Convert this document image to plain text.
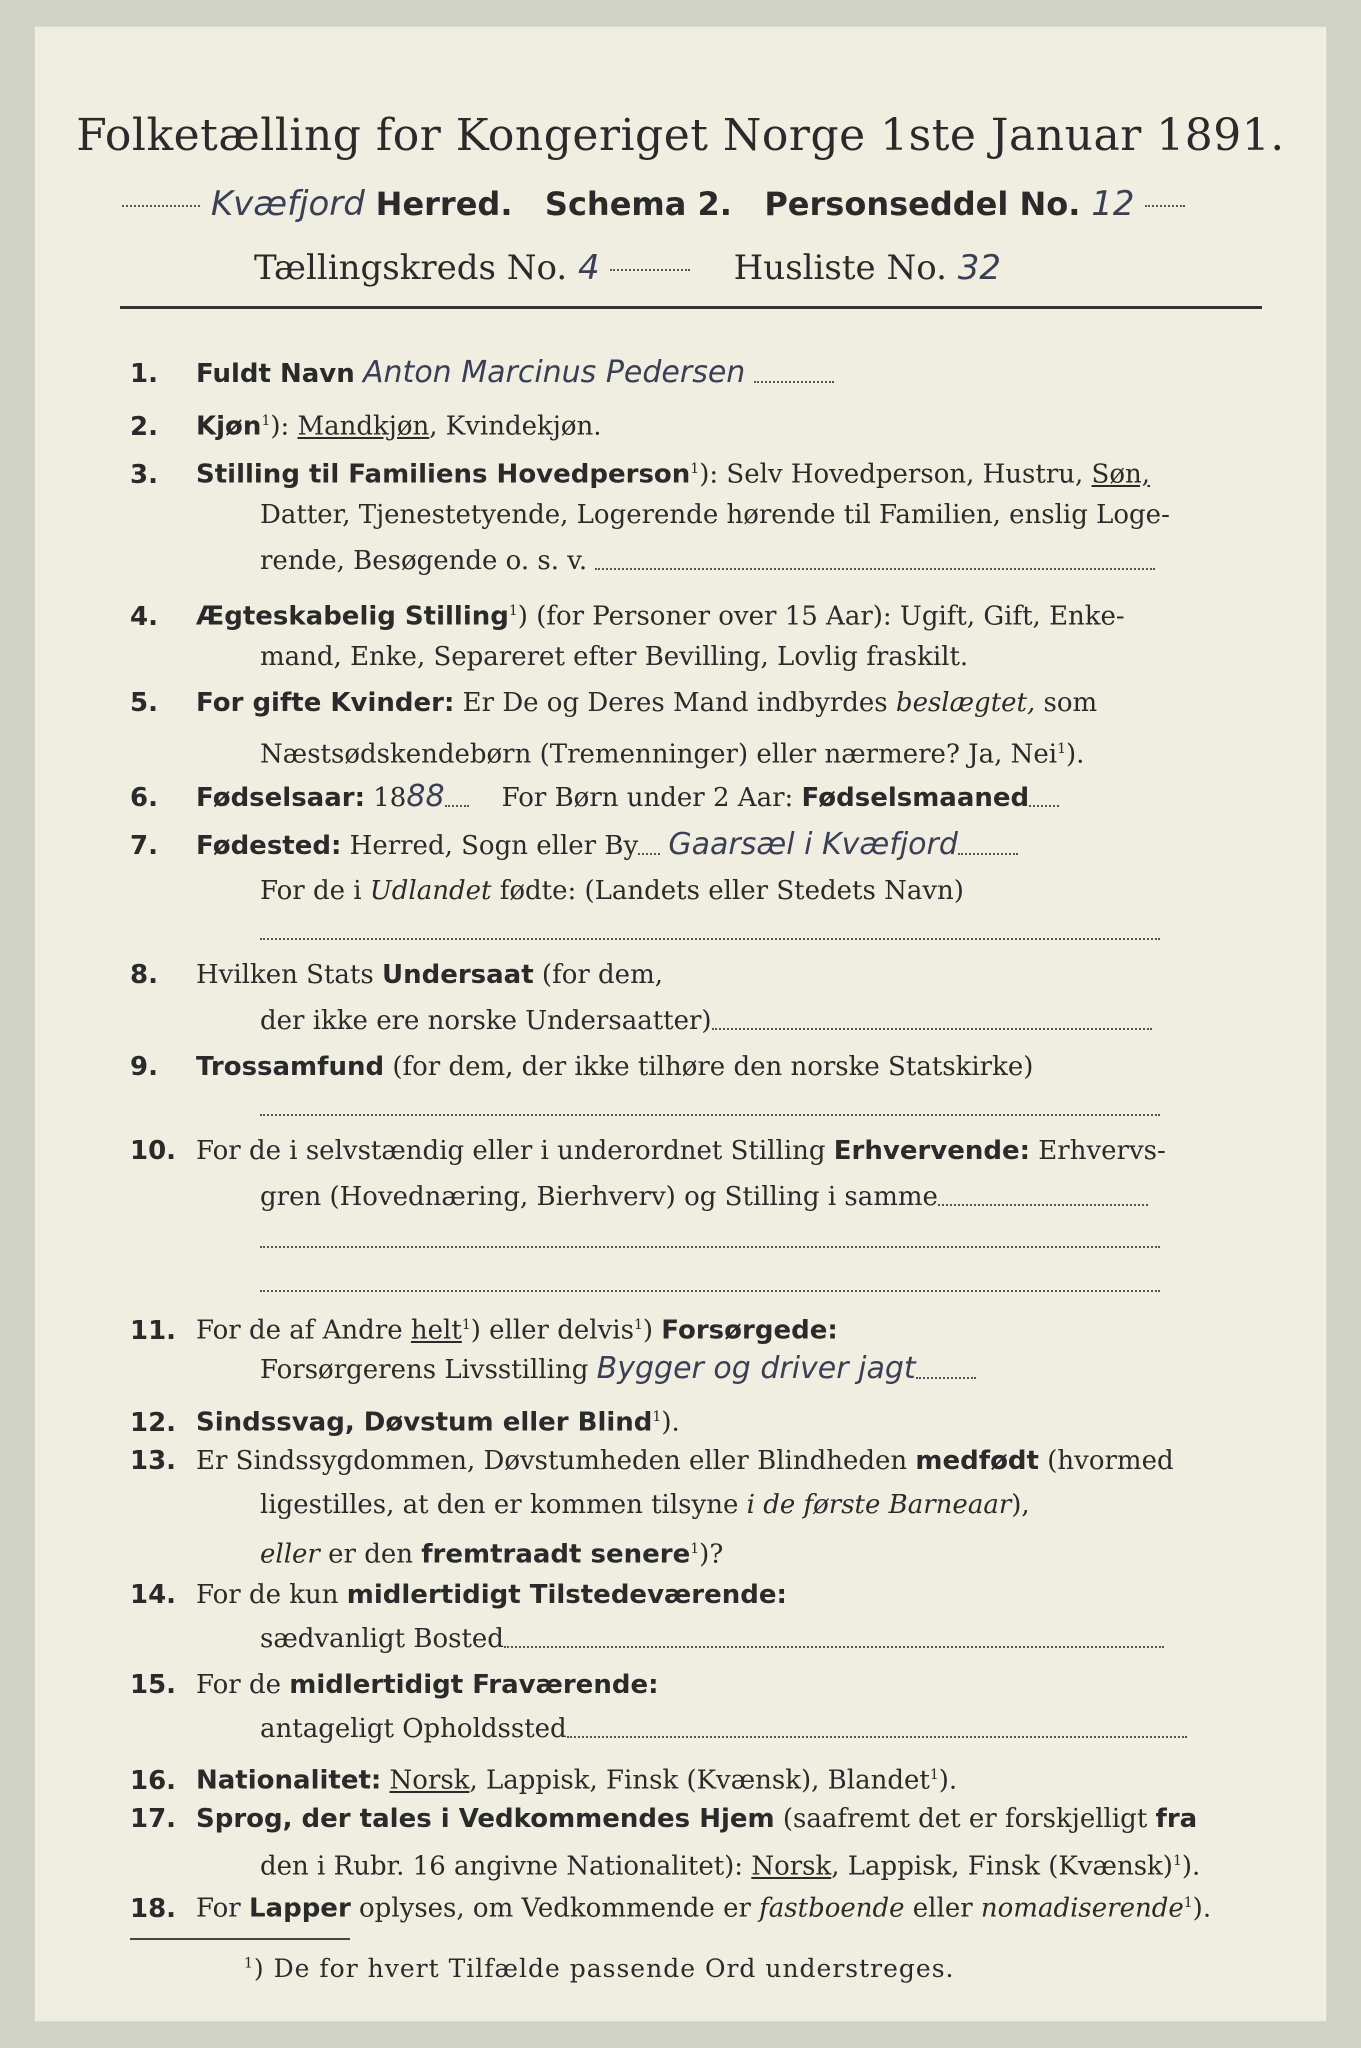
Folketælling for Kongeriget Norge 1ste Januar 1891.
Kvæfjord Herred. Schema 2. Personseddel No. 12
Tællingskreds No. 4	Husliste No. 32
1. Fuldt Navn Anton Marcinus Pedersen
2. Kjøn$^1$): Mandkjøn, Kvindekjøn.
3. Stilling til Familiens Hovedperson$^1$): Selv Hovedperson, Hustru, Søn,
Datter, Tjenestetyende, Logerende hørende til Familien, enslig Loge-
rende, Besøgende o. s. v.
4. Ægteskabelig Stilling$^1$) (for Personer over 15 Aar): Ugift, Gift, Enke-
mand, Enke, Separeret efter Bevilling, Lovlig fraskilt.
5. For gifte Kvinder: Er De og Deres Mand indbyrdes beslægtet, som
Næstsødskendebørn (Tremenninger) eller nærmere? Ja, Nei$^1$).
6. Fødselsaar: 1888 For Børn under 2 Aar: Fødselsmaaned
7. Fødested: Herred, Sogn eller By Gaarsæl i Kvæfjord
For de i Udlandet fødte: (Landets eller Stedets Navn)
8. Hvilken Stats Undersaat (for dem,
der ikke ere norske Undersaatter)
9. Trossamfund (for dem, der ikke tilhøre den norske Statskirke)
10. For de i selvstændig eller i underordnet Stilling Erhvervende: Erhvervs-
gren (Hovednæring, Bierhverv) og Stilling i samme
11. For de af Andre helt$^1$) eller delvis$^1$) Forsørgede:
Forsørgerens Livsstilling Bygger og driver jagt
12. Sindssvag, Døvstum eller Blind$^1$).
13. Er Sindssygdommen, Døvstumheden eller Blindheden medfødt (hvormed
ligestilles, at den er kommen tilsyne i de første Barneaar),
eller er den fremtraadt senere$^1$)?
14. For de kun midlertidigt Tilstedeværende:
sædvanligt Bosted
15. For de midlertidigt Fraværende:
antageligt Opholdssted
16. Nationalitet: Norsk, Lappisk, Finsk (Kvænsk), Blandet$^1$).
17. Sprog, der tales i Vedkommendes Hjem (saafremt det er forskjelligt fra
den i Rubr. 16 angivne Nationalitet): Norsk, Lappisk, Finsk (Kvænsk)$^1$).
18. For Lapper oplyses, om Vedkommende er fastboende eller nomadiserende$^1$).
$^1$) De for hvert Tilfælde passende Ord understreges.
